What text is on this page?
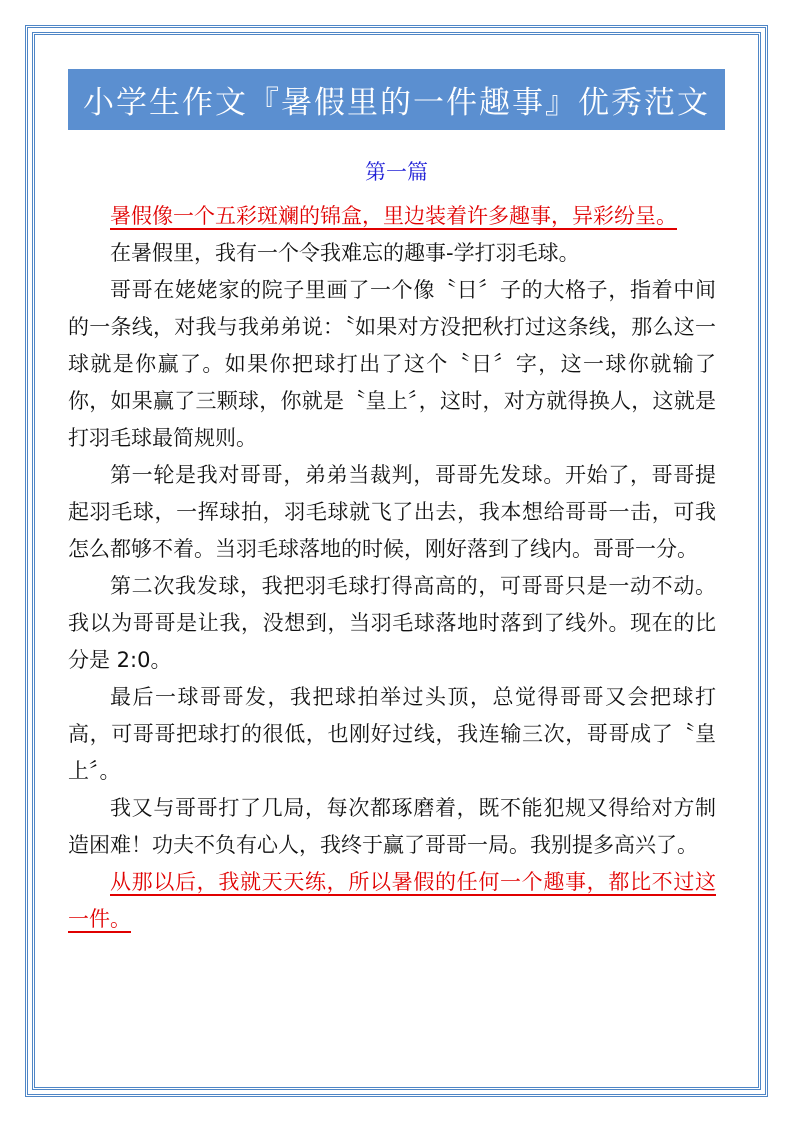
小学生作文『暑假里的一件趣事』优秀范文
第一篇

暑假像一个五彩斑斓的锦盒，里边装着许多趣事，异彩纷呈。

在暑假里，我有一个令我难忘的趣事-学打羽毛球。

哥哥在姥姥家的院子里画了一个像〝日〞子的大格子，指着中间的一条线，对我与我弟弟说：〝如果对方没把秋打过这条线，那么这一球就是你赢了。如果你把球打出了这个〝日〞字，这一球你就输了你，如果赢了三颗球，你就是〝皇上〞，这时，对方就得换人，这就是打羽毛球最简规则。

第一轮是我对哥哥，弟弟当裁判，哥哥先发球。开始了，哥哥提起羽毛球，一挥球拍，羽毛球就飞了出去，我本想给哥哥一击，可我怎么都够不着。当羽毛球落地的时候，刚好落到了线内。哥哥一分。

第二次我发球，我把羽毛球打得高高的，可哥哥只是一动不动。我以为哥哥是让我，没想到，当羽毛球落地时落到了线外。现在的比分是 2:0。

最后一球哥哥发，我把球拍举过头顶，总觉得哥哥又会把球打高，可哥哥把球打的很低，也刚好过线，我连输三次，哥哥成了〝皇上〞。

我又与哥哥打了几局，每次都琢磨着，既不能犯规又得给对方制造困难！功夫不负有心人，我终于赢了哥哥一局。我别提多高兴了。

从那以后，我就天天练，所以暑假的任何一个趣事，都比不过这一件。
